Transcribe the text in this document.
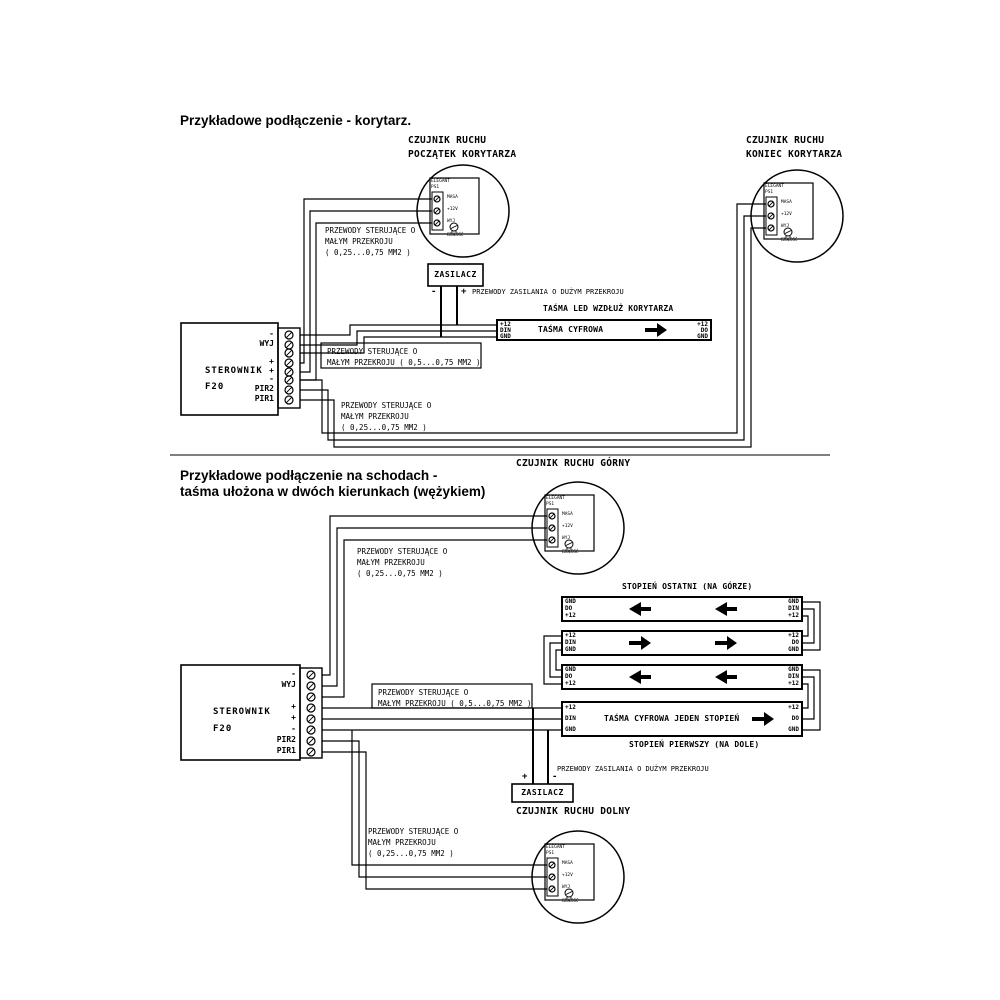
Przykładowe podłączenie - korytarz.
CZUJNIK RUCHU
POCZĄTEK KORYTARZA
CZUJNIK RUCHU
KONIEC KORYTARZA
ELEGANT
PS1
MASA
+12V
WYJ
CZUŁOŚĆ
ELEGANT
PS1
MASA
+12V
WYJ
CZUŁOŚĆ
PRZEWODY STERUJĄCE O
MAŁYM PRZEKROJU
( 0,25...0,75 MM2 )
ZASILACZ
-	+ PRZEWODY ZASILANIA O DUŻYM PRZEKROJU
TAŚMA LED WZDŁUŻ KORYTARZA
+12
DIN
GND
TAŚMA CYFROWA
+12
DO
GND
PRZEWODY STERUJĄCE O
MAŁYM PRZEKROJU ( 0,5...0,75 MM2 )
STEROWNIK
F20
-
WYJ
+
+
-
PIR2
PIR1
PRZEWODY STERUJĄCE O
MAŁYM PRZEKROJU
( 0,25...0,75 MM2 )
Przykładowe podłączenie na schodach -
taśma ułożona w dwóch kierunkach (wężykiem)
CZUJNIK RUCHU GÓRNY
ELEGANT
PS1
MASA
+12V
WYJ
CZUŁOŚĆ
PRZEWODY STERUJĄCE O
MAŁYM PRZEKROJU
( 0,25...0,75 MM2 )
STOPIEŃ OSTATNI (NA GÓRZE)
GND
DO
+12
GND
DIN
+12
+12
DIN
GND
+12
DO
GND
GND
DO
+12
GND
DIN
+12
+12
DIN
GND
TAŚMA CYFROWA JEDEN STOPIEŃ
+12
DO
GND
STOPIEŃ PIERWSZY (NA DOLE)
STEROWNIK
F20
-
WYJ
+
+
-
PIR2
PIR1
PRZEWODY STERUJĄCE O
MAŁYM PRZEKROJU ( 0,5...0,75 MM2 )
PRZEWODY ZASILANIA O DUŻYM PRZEKROJU
+	-
ZASILACZ
CZUJNIK RUCHU DOLNY
ELEGANT
PS1
MASA
+12V
WYJ
CZUŁOŚĆ
PRZEWODY STERUJĄCE O
MAŁYM PRZEKROJU
( 0,25...0,75 MM2 )
